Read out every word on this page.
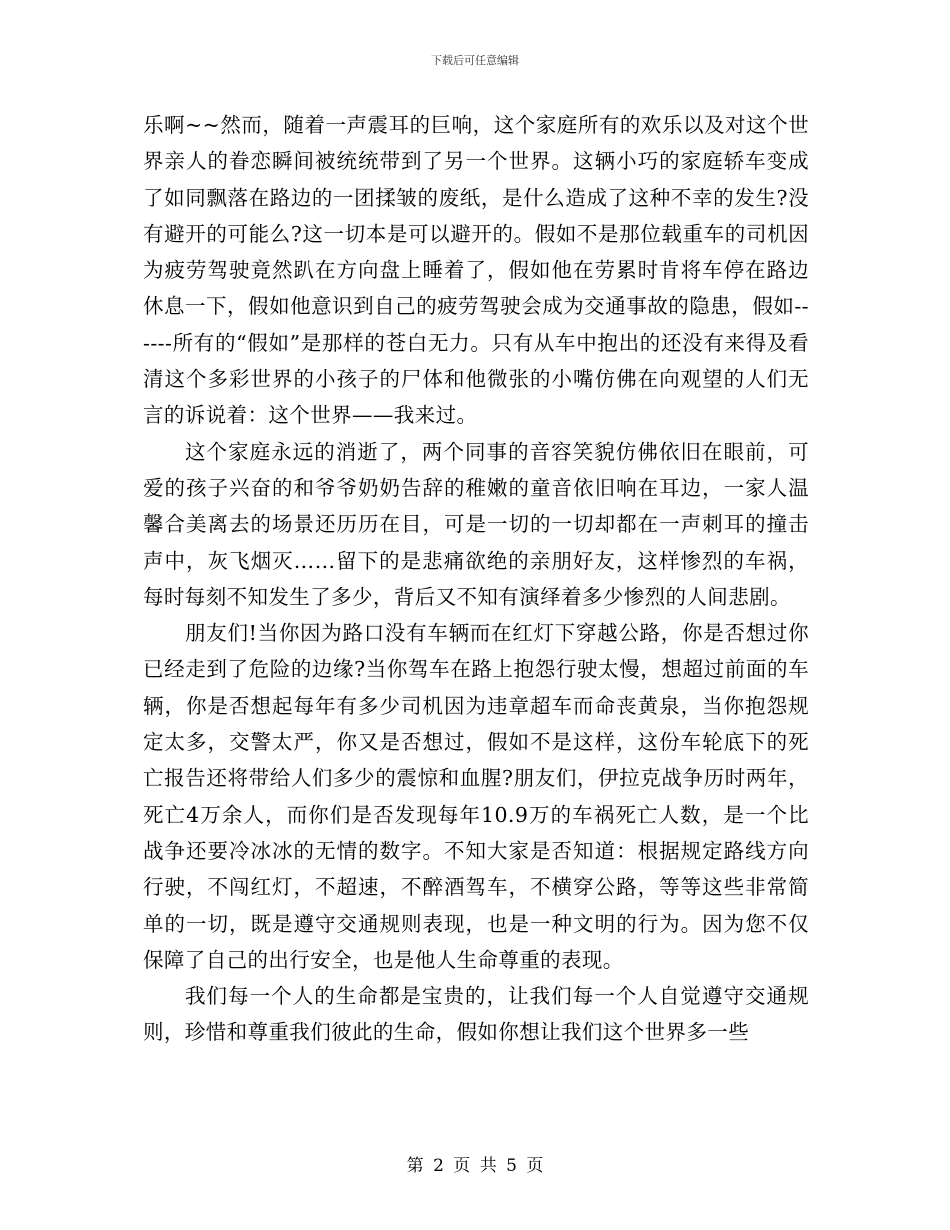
下载后可任意编辑

乐啊~~然而，随着一声震耳的巨响，这个家庭所有的欢乐以及对这个世界亲人的眷恋瞬间被统统带到了另一个世界。这辆小巧的家庭轿车变成了如同飘落在路边的一团揉皱的废纸，是什么造成了这种不幸的发生?没有避开的可能么?这一切本是可以避开的。假如不是那位载重车的司机因为疲劳驾驶竟然趴在方向盘上睡着了，假如他在劳累时肯将车停在路边休息一下，假如他意识到自己的疲劳驾驶会成为交通事故的隐患，假如------所有的“假如”是那样的苍白无力。只有从车中抱出的还没有来得及看清这个多彩世界的小孩子的尸体和他微张的小嘴仿佛在向观望的人们无言的诉说着：这个世界——我来过。

这个家庭永远的消逝了，两个同事的音容笑貌仿佛依旧在眼前，可爱的孩子兴奋的和爷爷奶奶告辞的稚嫩的童音依旧响在耳边，一家人温馨合美离去的场景还历历在目，可是一切的一切却都在一声刺耳的撞击声中，灰飞烟灭……留下的是悲痛欲绝的亲朋好友，这样惨烈的车祸，每时每刻不知发生了多少，背后又不知有演绎着多少惨烈的人间悲剧。

朋友们!当你因为路口没有车辆而在红灯下穿越公路，你是否想过你已经走到了危险的边缘?当你驾车在路上抱怨行驶太慢，想超过前面的车辆，你是否想起每年有多少司机因为违章超车而命丧黄泉，当你抱怨规定太多，交警太严，你又是否想过，假如不是这样，这份车轮底下的死亡报告还将带给人们多少的震惊和血腥?朋友们，伊拉克战争历时两年，死亡4万余人，而你们是否发现每年10.9万的车祸死亡人数，是一个比战争还要冷冰冰的无情的数字。不知大家是否知道：根据规定路线方向行驶，不闯红灯，不超速，不醉酒驾车，不横穿公路，等等这些非常简单的一切，既是遵守交通规则表现，也是一种文明的行为。因为您不仅保障了自己的出行安全，也是他人生命尊重的表现。

我们每一个人的生命都是宝贵的，让我们每一个人自觉遵守交通规则，珍惜和尊重我们彼此的生命，假如你想让我们这个世界多一些

第 2 页 共 5 页
